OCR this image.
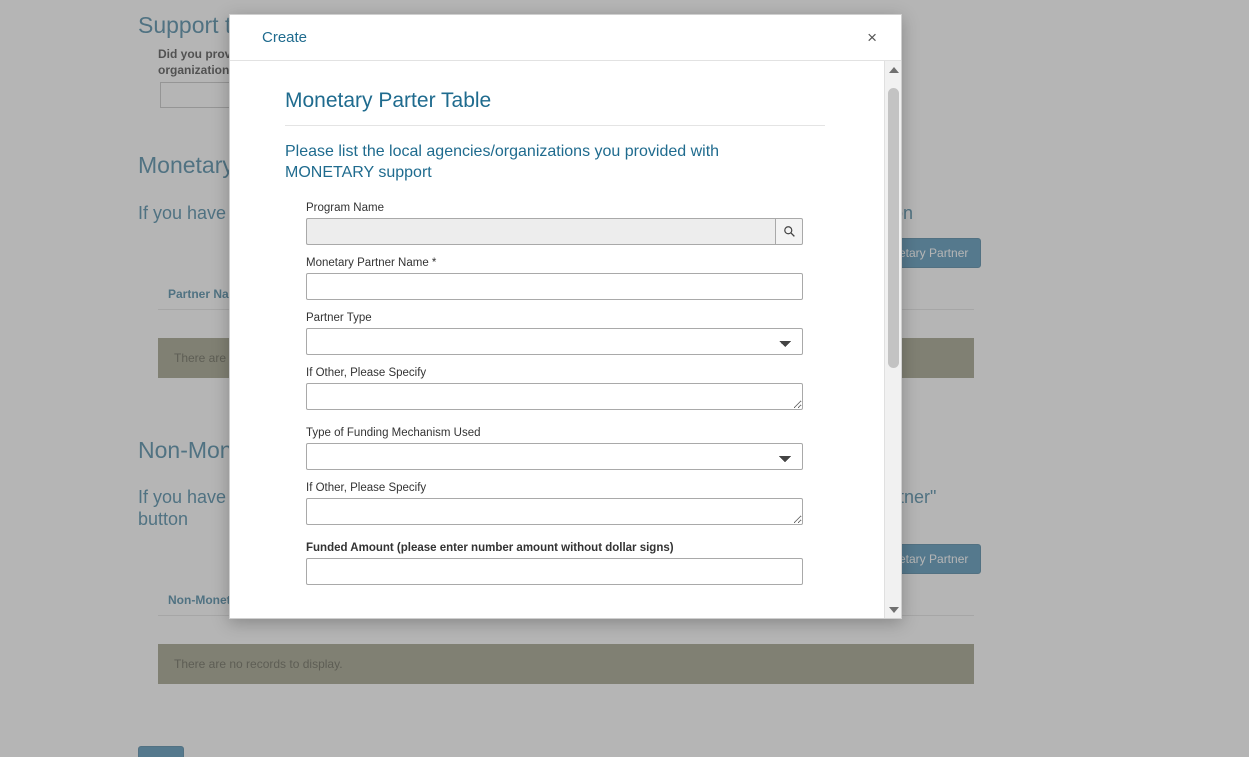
Create	×
Monetary Parter Table
Please list the local agencies/organizations you provided with MONETARY support
Program Name
Monetary Partner Name *
Partner Type
If Other, Please Specify
Type of Funding Mechanism Used
If Other, Please Specify
Funded Amount (please enter number amount without dollar signs)
